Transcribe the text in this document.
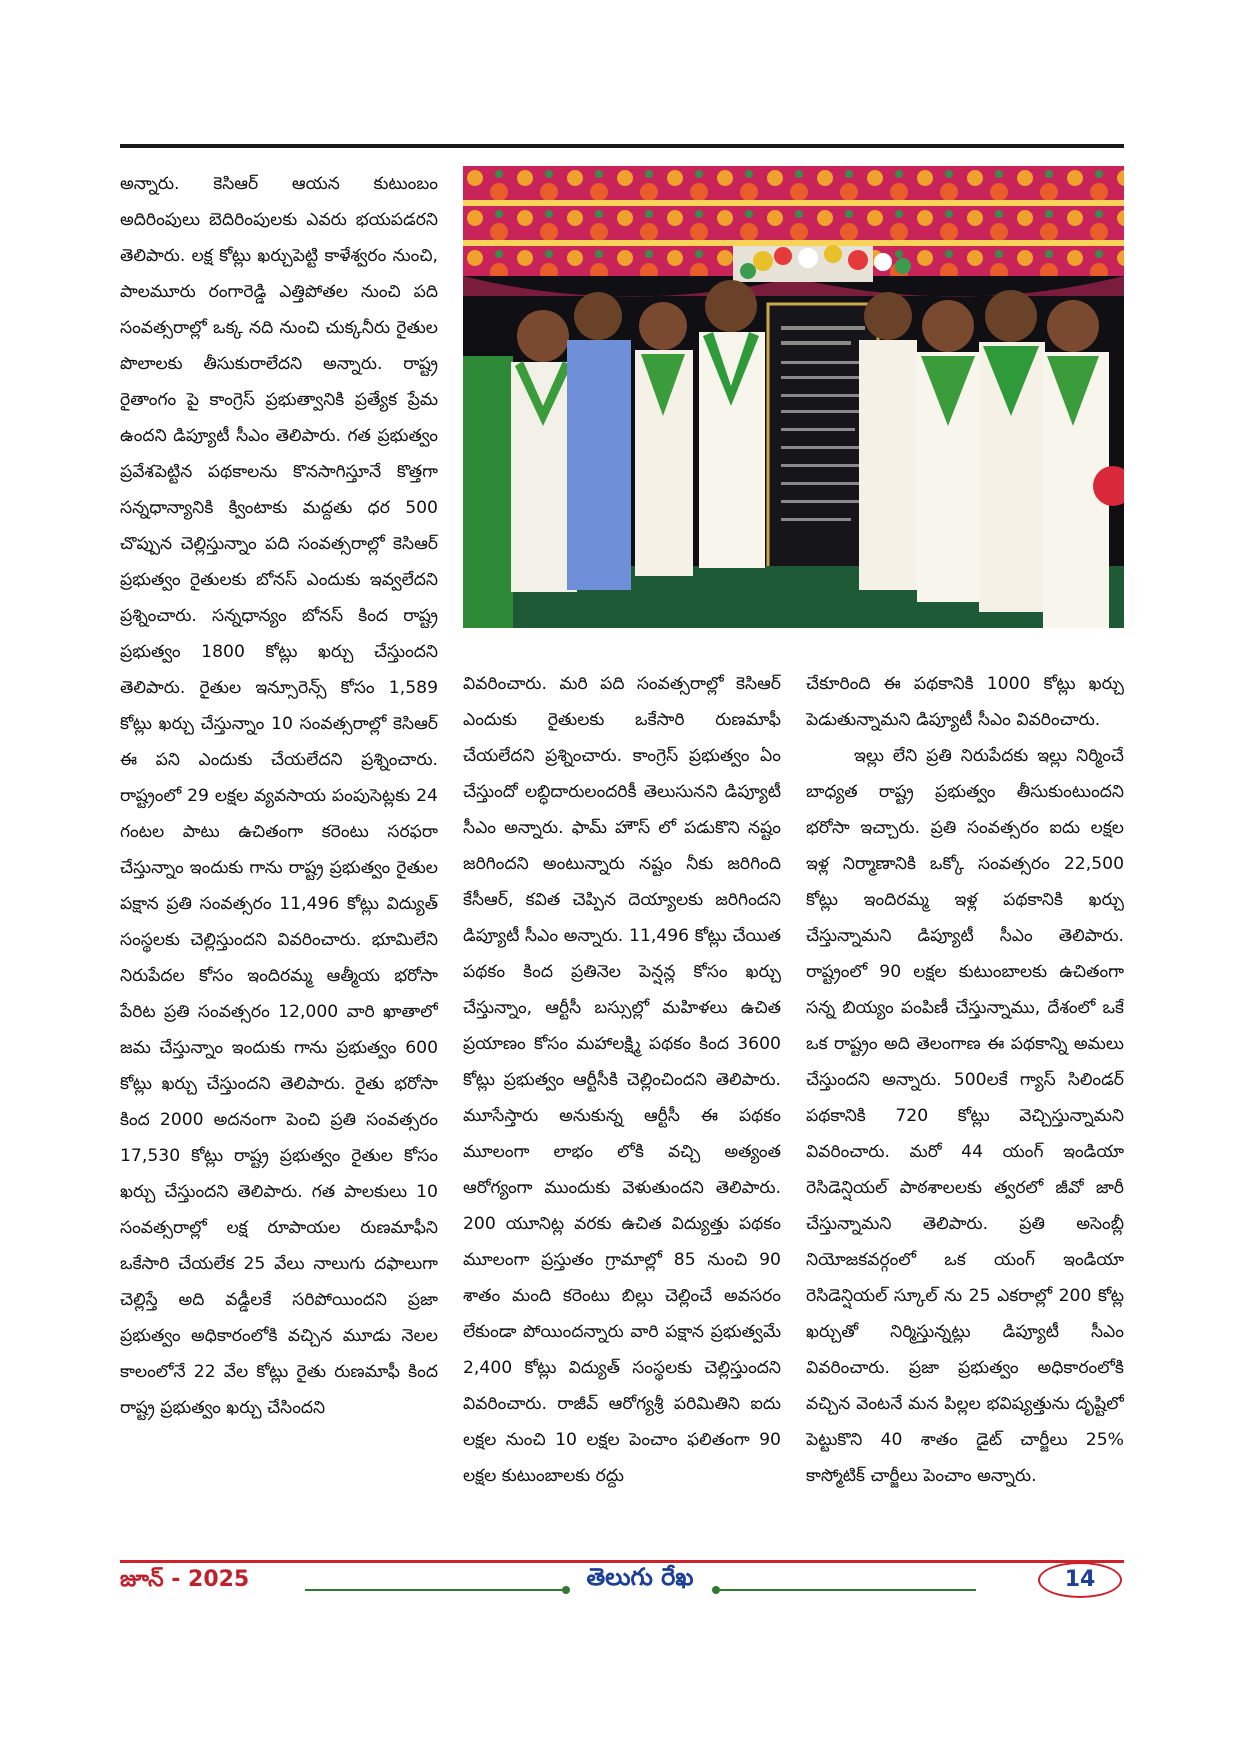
అన్నారు. కెసిఆర్ ఆయన కుటుంబం అదిరింపులు బెదిరింపులకు ఎవరు భయపడరని తెలిపారు. లక్ష కోట్లు ఖర్చుపెట్టి కాళేశ్వరం నుంచి, పాలమూరు రంగారెడ్డి ఎత్తిపోతల నుంచి పది సంవత్సరాల్లో ఒక్క నది నుంచి చుక్కనీరు రైతుల పొలాలకు తీసుకురాలేదని అన్నారు. రాష్ట్ర రైతాంగం పై కాంగ్రెస్ ప్రభుత్వానికి ప్రత్యేక ప్రేమ ఉందని డిప్యూటీ సీఎం తెలిపారు. గత ప్రభుత్వం ప్రవేశపెట్టిన పథకాలను కొనసాగిస్తూనే కొత్తగా సన్నధాన్యానికి క్వింటాకు మద్దతు ధర 500 చొప్పున చెల్లిస్తున్నాం పది సంవత్సరాల్లో కెసిఆర్ ప్రభుత్వం రైతులకు బోనస్ ఎందుకు ఇవ్వలేదని ప్రశ్నించారు. సన్నధాన్యం బోనస్ కింద రాష్ట్ర ప్రభుత్వం 1800 కోట్లు ఖర్చు చేస్తుందని తెలిపారు. రైతుల ఇన్సూరెన్స్ కోసం 1,589 కోట్లు ఖర్చు చేస్తున్నాం 10 సంవత్సరాల్లో కెసిఆర్ ఈ పని ఎందుకు చేయలేదని ప్రశ్నించారు. రాష్ట్రంలో 29 లక్షల వ్యవసాయ పంపుసెట్లకు 24 గంటల పాటు ఉచితంగా కరెంటు సరఫరా చేస్తున్నాం ఇందుకు గాను రాష్ట్ర ప్రభుత్వం రైతుల పక్షాన ప్రతి సంవత్సరం 11,496 కోట్లు విద్యుత్ సంస్థలకు చెల్లిస్తుందని వివరించారు. భూమిలేని నిరుపేదల కోసం ఇందిరమ్మ ఆత్మీయ భరోసా పేరిట ప్రతి సంవత్సరం 12,000 వారి ఖాతాలో జమ చేస్తున్నాం ఇందుకు గాను ప్రభుత్వం 600 కోట్లు ఖర్చు చేస్తుందని తెలిపారు. రైతు భరోసా కింద 2000 అదనంగా పెంచి ప్రతి సంవత్సరం 17,530 కోట్లు రాష్ట్ర ప్రభుత్వం రైతుల కోసం ఖర్చు చేస్తుందని తెలిపారు. గత పాలకులు 10 సంవత్సరాల్లో లక్ష రూపాయల రుణమాఫీని ఒకేసారి చేయలేక 25 వేలు నాలుగు దఫాలుగా చెల్లిస్తే అది వడ్డీలకే సరిపోయిందని ప్రజా ప్రభుత్వం అధికారంలోకి వచ్చిన మూడు నెలల కాలంలోనే 22 వేల కోట్లు రైతు రుణమాఫీ కింద రాష్ట్ర ప్రభుత్వం ఖర్చు చేసిందని

వివరించారు. మరి పది సంవత్సరాల్లో కెసిఆర్ ఎందుకు రైతులకు ఒకేసారి రుణమాఫీ చేయలేదని ప్రశ్నించారు. కాంగ్రెస్ ప్రభుత్వం ఏం చేస్తుందో లబ్ధిదారులందరికీ తెలుసునని డిప్యూటీ సీఎం అన్నారు. ఫామ్ హౌస్ లో పడుకొని నష్టం జరిగిందని అంటున్నారు నష్టం నీకు జరిగింది కేసీఆర్, కవిత చెప్పిన దెయ్యాలకు జరిగిందని డిప్యూటీ సీఎం అన్నారు. 11,496 కోట్లు చేయిత పథకం కింద ప్రతినెల పెన్షన్ల కోసం ఖర్చు చేస్తున్నాం, ఆర్టీసీ బస్సుల్లో మహిళలు ఉచిత ప్రయాణం కోసం మహాలక్ష్మి పథకం కింద 3600 కోట్లు ప్రభుత్వం ఆర్టీసీకి చెల్లించిందని తెలిపారు. మూసేస్తారు అనుకున్న ఆర్టీసీ ఈ పథకం మూలంగా లాభం లోకి వచ్చి అత్యంత ఆరోగ్యంగా ముందుకు వెళుతుందని తెలిపారు. 200 యూనిట్ల వరకు ఉచిత విద్యుత్తు పథకం మూలంగా ప్రస్తుతం గ్రామాల్లో 85 నుంచి 90 శాతం మంది కరెంటు బిల్లు చెల్లించే అవసరం లేకుండా పోయిందన్నారు వారి పక్షాన ప్రభుత్వమే 2,400 కోట్లు విద్యుత్ సంస్థలకు చెల్లిస్తుందని వివరించారు. రాజీవ్ ఆరోగ్యశ్రీ పరిమితిని ఐదు లక్షల నుంచి 10 లక్షల పెంచాం ఫలితంగా 90 లక్షల కుటుంబాలకు రద్దు

చేకూరింది ఈ పథకానికి 1000 కోట్లు ఖర్చు పెడుతున్నామని డిప్యూటీ సీఎం వివరించారు.

ఇల్లు లేని ప్రతి నిరుపేదకు ఇల్లు నిర్మించే బాధ్యత రాష్ట్ర ప్రభుత్వం తీసుకుంటుందని భరోసా ఇచ్చారు. ప్రతి సంవత్సరం ఐదు లక్షల ఇళ్ల నిర్మాణానికి ఒక్కో సంవత్సరం 22,500 కోట్లు ఇందిరమ్మ ఇళ్ల పథకానికి ఖర్చు చేస్తున్నామని డిప్యూటీ సీఎం తెలిపారు. రాష్ట్రంలో 90 లక్షల కుటుంబాలకు ఉచితంగా సన్న బియ్యం పంపిణీ చేస్తున్నాము, దేశంలో ఒకే ఒక రాష్ట్రం అది తెలంగాణ ఈ పథకాన్ని అమలు చేస్తుందని అన్నారు. 500లకే గ్యాస్ సిలిండర్ పథకానికి 720 కోట్లు వెచ్చిస్తున్నామని వివరించారు. మరో 44 యంగ్ ఇండియా రెసిడెన్షియల్ పాఠశాలలకు త్వరలో జీవో జారీ చేస్తున్నామని తెలిపారు. ప్రతి అసెంబ్లీ నియోజకవర్గంలో ఒక యంగ్ ఇండియా రెసిడెన్షియల్ స్కూల్ ను 25 ఎకరాల్లో 200 కోట్ల ఖర్చుతో నిర్మిస్తున్నట్లు డిప్యూటీ సీఎం వివరించారు. ప్రజా ప్రభుత్వం అధికారంలోకి వచ్చిన వెంటనే మన పిల్లల భవిష్యత్తును దృష్టిలో పెట్టుకొని 40 శాతం డైట్ చార్జీలు 25% కాస్మోటిక్ చార్జీలు పెంచాం అన్నారు.

జూన్ - 2025	తెలుగు రేఖ	14
